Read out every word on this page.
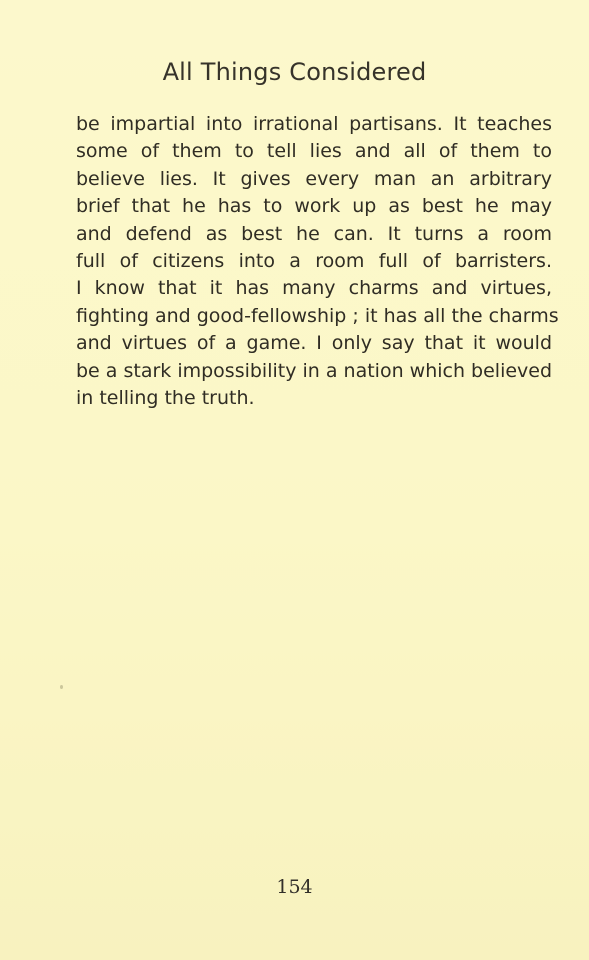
All Things Considered

be impartial into irrational partisans. It teaches
some of them to tell lies and all of them to
believe lies. It gives every man an arbitrary
brief that he has to work up as best he may
and defend as best he can. It turns a room
full of citizens into a room full of barristers.
I know that it has many charms and virtues,
fighting and good-fellowship ; it has all the charms
and virtues of a game. I only say that it would
be a stark impossibility in a nation which believed
in telling the truth.

154
